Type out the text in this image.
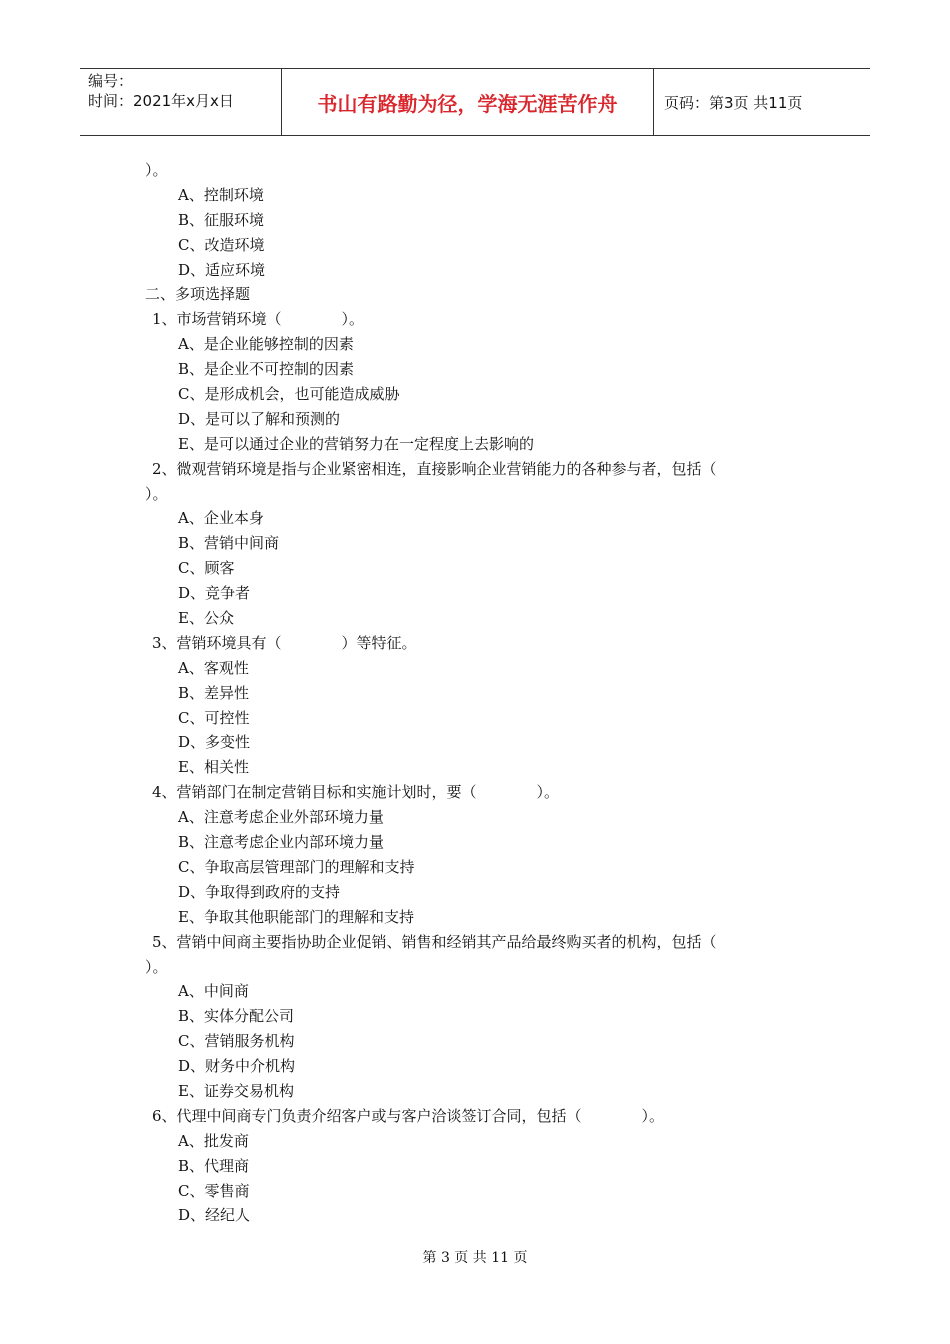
编号：
时间：2021年x月x日	书山有路勤为径，学海无涯苦作舟	页码：第3页 共11页
）。
A、控制环境
B、征服环境
C、改造环境
D、适应环境
二、多项选择题
1、市场营销环境（　　　　）。
A、是企业能够控制的因素
B、是企业不可控制的因素
C、是形成机会，也可能造成威胁
D、是可以了解和预测的
E、是可以通过企业的营销努力在一定程度上去影响的
2、微观营销环境是指与企业紧密相连，直接影响企业营销能力的各种参与者，包括（
）。
A、企业本身
B、营销中间商
C、顾客
D、竞争者
E、公众
3、营销环境具有（　　　　）等特征。
A、客观性
B、差异性
C、可控性
D、多变性
E、相关性
4、营销部门在制定营销目标和实施计划时，要（　　　　）。
A、注意考虑企业外部环境力量
B、注意考虑企业内部环境力量
C、争取高层管理部门的理解和支持
D、争取得到政府的支持
E、争取其他职能部门的理解和支持
5、营销中间商主要指协助企业促销、销售和经销其产品给最终购买者的机构，包括（
）。
A、中间商
B、实体分配公司
C、营销服务机构
D、财务中介机构
E、证券交易机构
6、代理中间商专门负责介绍客户或与客户洽谈签订合同，包括（　　　　）。
A、批发商
B、代理商
C、零售商
D、经纪人
第 3 页 共 11 页
